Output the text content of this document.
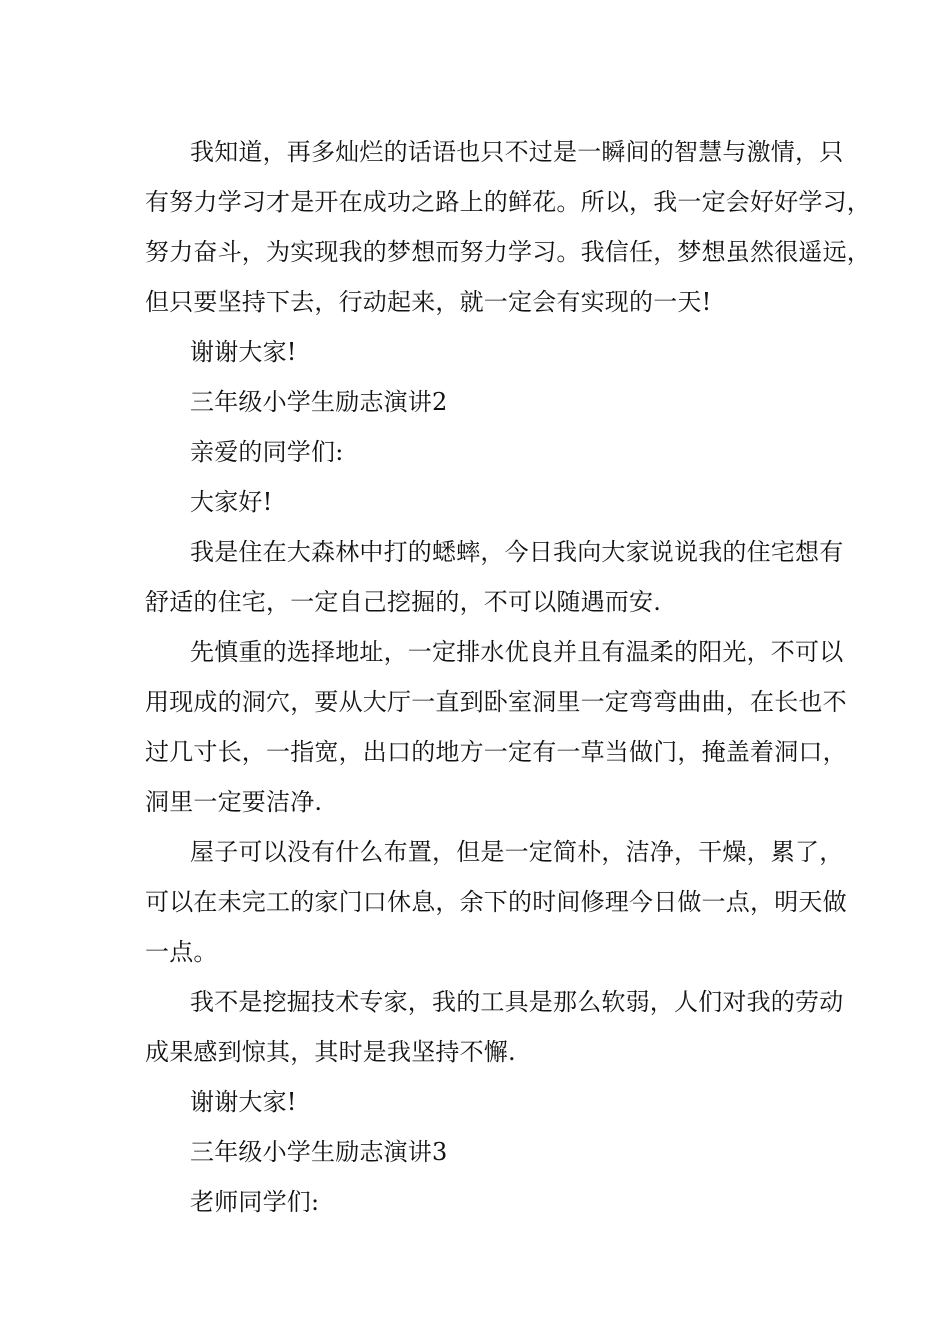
我知道，再多灿烂的话语也只不过是一瞬间的智慧与激情，只

有努力学习才是开在成功之路上的鲜花。所以，我一定会好好学习，

努力奋斗，为实现我的梦想而努力学习。我信任，梦想虽然很遥远，

但只要坚持下去，行动起来，就一定会有实现的一天!

谢谢大家!

三年级小学生励志演讲2

亲爱的同学们:

大家好!

我是住在大森林中打的蟋蟀，今日我向大家说说我的住宅想有

舒适的住宅，一定自己挖掘的，不可以随遇而安.

先慎重的选择地址，一定排水优良并且有温柔的阳光，不可以

用现成的洞穴，要从大厅一直到卧室洞里一定弯弯曲曲，在长也不

过几寸长，一指宽，出口的地方一定有一草当做门，掩盖着洞口，

洞里一定要洁净.

屋子可以没有什么布置，但是一定简朴，洁净，干燥，累了，

可以在未完工的家门口休息，余下的时间修理今日做一点，明天做

一点。

我不是挖掘技术专家，我的工具是那么软弱，人们对我的劳动

成果感到惊其，其时是我坚持不懈.

谢谢大家!

三年级小学生励志演讲3

老师同学们:
